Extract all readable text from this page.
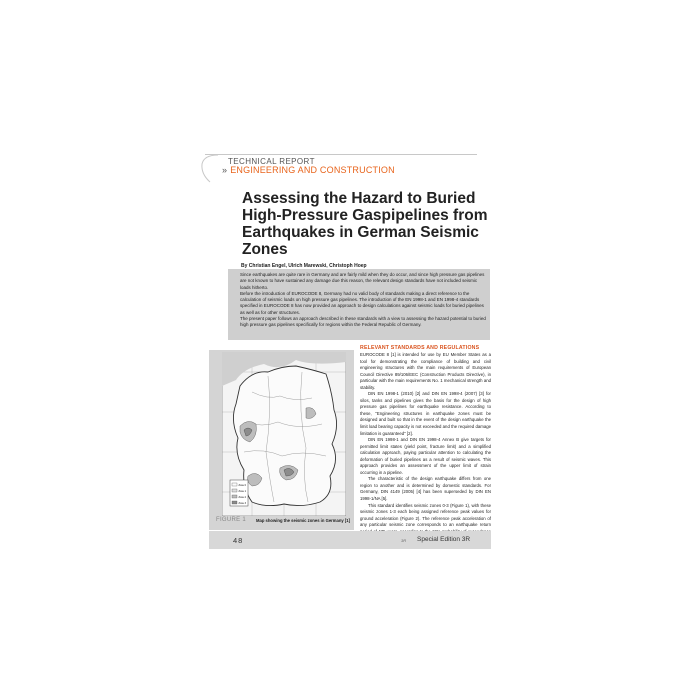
TECHNICAL REPORT
» ENGINEERING AND CONSTRUCTION
Assessing the Hazard to Buried High-Pressure Gaspipelines from Earthquakes in German Seismic Zones
By Christian Engel, Ulrich Marewski, Christoph Hoep

Since earthquakes are quite rare in Germany and are fairly mild when they do occur, and since high pressure gas pipelines are not known to have sustained any damage due this reason, the relevant design standards have not included seismic loads hitherto.

Before the introduction of EUROCODE 8, Germany had no valid body of standards making a direct reference to the calculation of seismic loads on high pressure gas pipelines. The introduction of the EN 1998-1 and EN 1998-4 standards specified in EUROCODE 8 has now provided an approach to design calculations against seismic loads for buried pipelines as well as for other structures.

The present paper follows an approach described in these standards with a view to assessing the hazard potential to buried high pressure gas pipelines specifically for regions within the Federal Republic of Germany.

Zone 0
Zone 1
Zone 2
Zone 3
FIGURE 1 Map showing the seismic zones in Germany [1]

RELEVANT STANDARDS AND REGULATIONS

EUROCODE 8 [1] is intended for use by EU Member States as a tool for demonstrating the compliance of building and civil engineering structures with the main requirements of European Council Directive 89/106/EEC (Construction Products Directive), in particular with the main requirements No. 1 mechanical strength and stability.

DIN EN 1998-1 (2010) [2] and DIN EN 1998-4 (2007) [3] for silos, tanks and pipelines gives the basis for the design of high pressure gas pipelines for earthquake resistance. According to these, "Engineering structures in earthquake zones must be designed and built so that in the event of the design earthquake the limit load bearing capacity is not exceeded and the required damage limitation is guaranteed" [2].

DIN EN 1998-1 and DIN EN 1998-4 Annex B give targets for permitted limit states (yield point, fracture limit) and a simplified calculation approach, paying particular attention to calculating the deformation of buried pipelines as a result of seismic waves. This approach provides an assessment of the upper limit of strain occurring in a pipeline.

The characteristic of the design earthquake differs from one region to another and is determined by domestic standards. For Germany, DIN 4149 (2005) [4] has been superseded by DIN EN 1998-1/NA [5].

This standard identifies seismic zones 0-3 (Figure 1), with these seismic zones 1-3 each being assigned reference peak values for ground acceleration (Figure 2). The reference peak acceleration of any particular seismic zone corresponds to an earthquake return

48	3R Special Edition 3R
